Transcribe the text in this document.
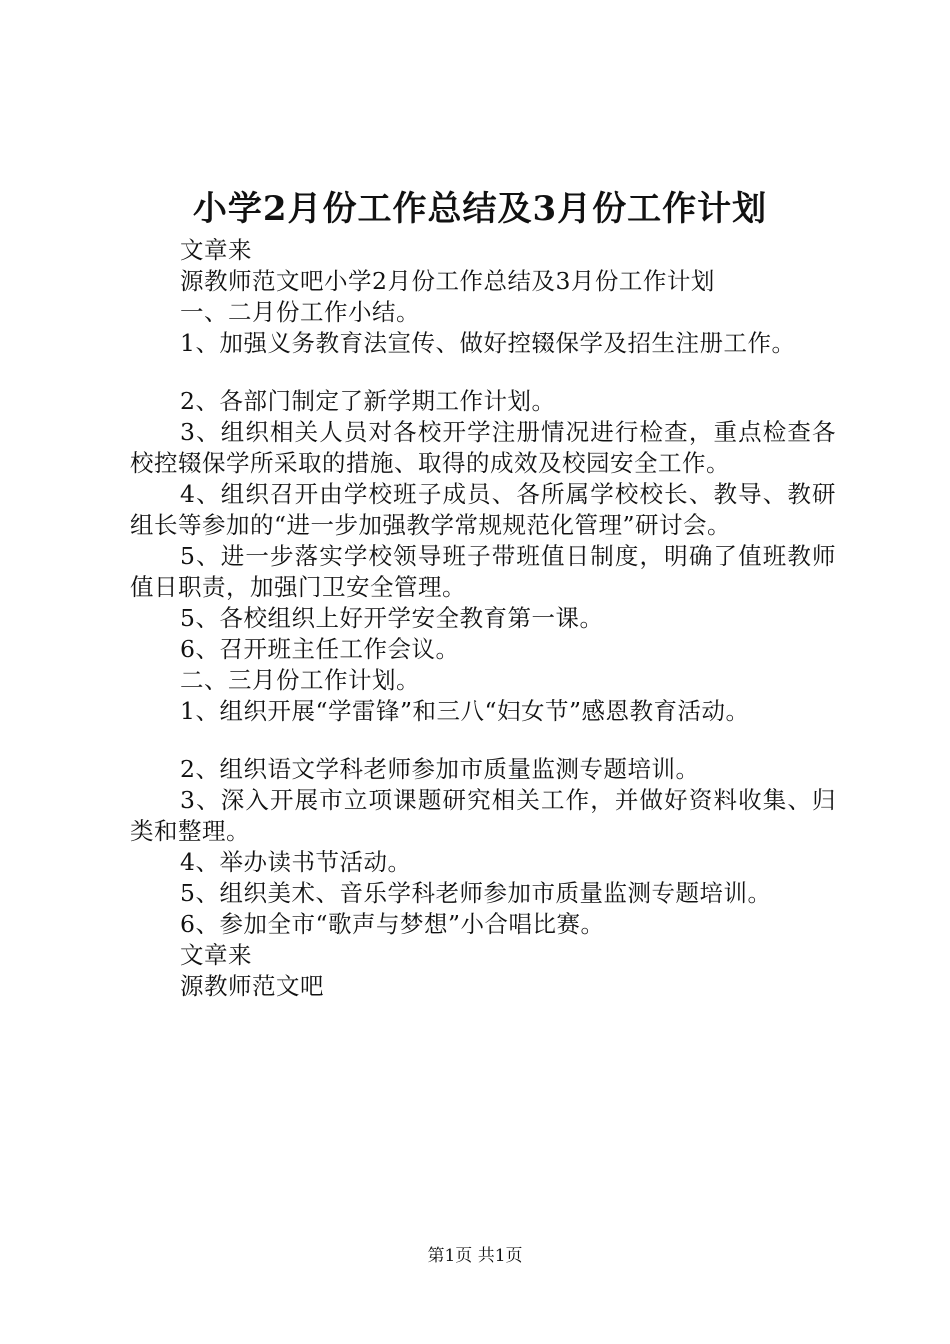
小学2月份工作总结及3月份工作计划
文章来
源教师范文吧小学2月份工作总结及3月份工作计划
一、二月份工作小结。
1、加强义务教育法宣传、做好控辍保学及招生注册工作。
2、各部门制定了新学期工作计划。
3、组织相关人员对各校开学注册情况进行检查，重点检查各校控辍保学所采取的措施、取得的成效及校园安全工作。
4、组织召开由学校班子成员、各所属学校校长、教导、教研组长等参加的“进一步加强教学常规规范化管理”研讨会。
5、进一步落实学校领导班子带班值日制度，明确了值班教师值日职责，加强门卫安全管理。
5、各校组织上好开学安全教育第一课。
6、召开班主任工作会议。
二、三月份工作计划。
1、组织开展“学雷锋”和三八“妇女节”感恩教育活动。
2、组织语文学科老师参加市质量监测专题培训。
3、深入开展市立项课题研究相关工作，并做好资料收集、归类和整理。
4、举办读书节活动。
5、组织美术、音乐学科老师参加市质量监测专题培训。
6、参加全市“歌声与梦想”小合唱比赛。
文章来
源教师范文吧
第1页 共1页
